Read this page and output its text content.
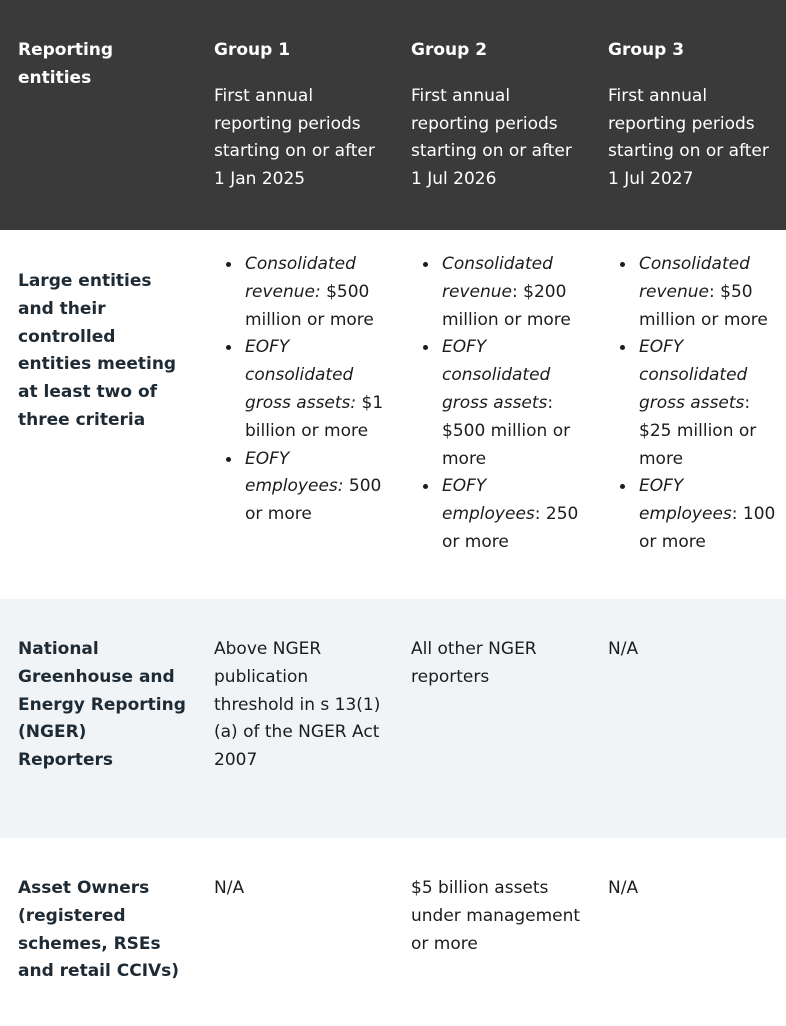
Reporting entities
Group 1
First annual reporting periods starting on or after 1 Jan 2025
Group 2
First annual reporting periods starting on or after 1 Jul 2026
Group 3
First annual reporting periods starting on or after 1 Jul 2027
Large entities and their controlled entities meeting at least two of three criteria
Consolidated revenue: $500 million or more
EOFY consolidated gross assets: $1 billion or more
EOFY employees: 500 or more
Consolidated revenue: $200 million or more
EOFY consolidated gross assets: $500 million or more
EOFY employees: 250 or more
Consolidated revenue: $50 million or more
EOFY consolidated gross assets: $25 million or more
EOFY employees: 100 or more
National Greenhouse and Energy Reporting (NGER) Reporters
Above NGER publication threshold in s 13(1)(a) of the NGER Act 2007
All other NGER reporters
N/A
Asset Owners (registered schemes, RSEs and retail CCIVs)
N/A	$5 billion assets under management or more
N/A
